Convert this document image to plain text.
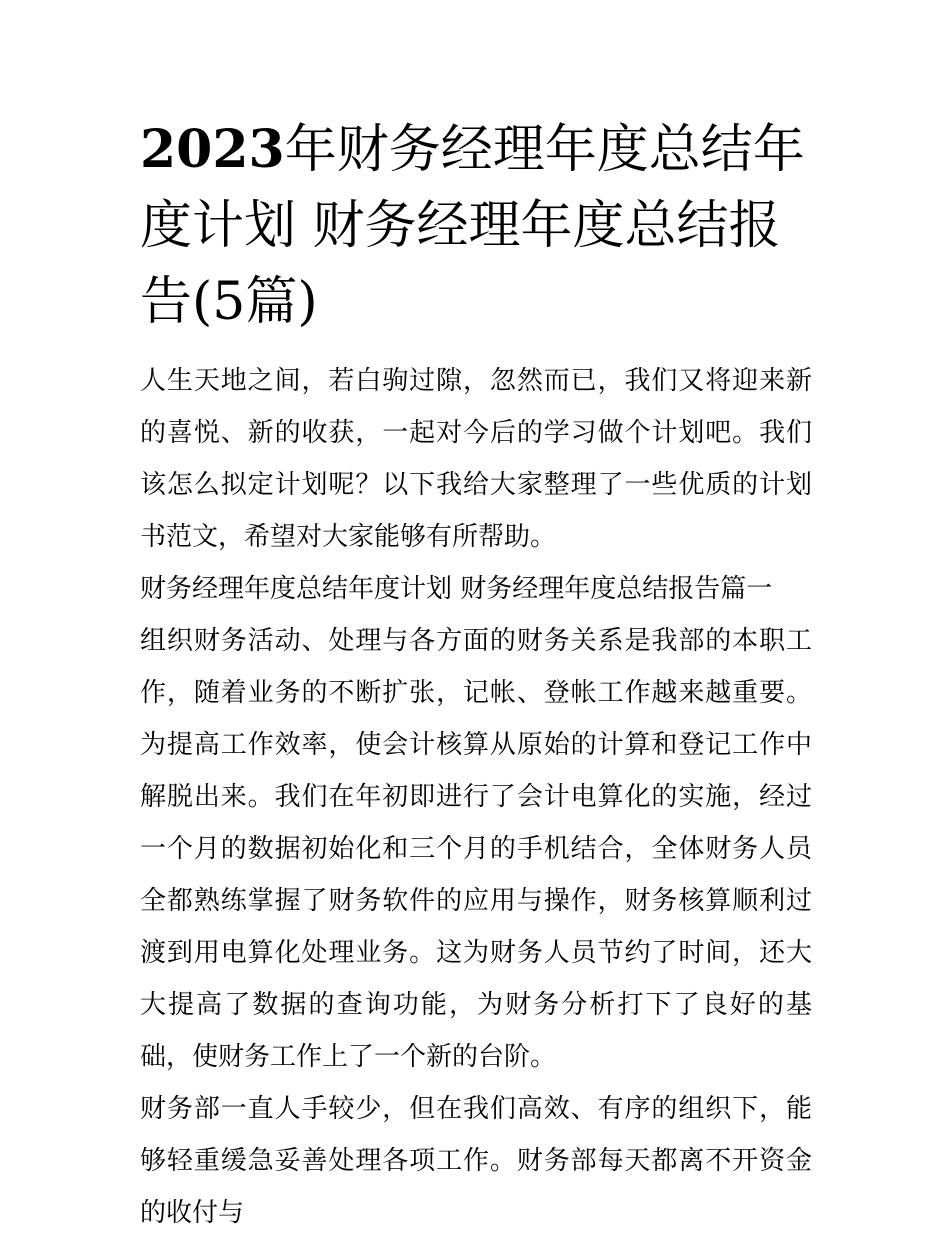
2023年财务经理年度总结年度计划 财务经理年度总结报告(5篇)

人生天地之间，若白驹过隙，忽然而已，我们又将迎来新的喜悦、新的收获，一起对今后的学习做个计划吧。我们该怎么拟定计划呢？以下我给大家整理了一些优质的计划书范文，希望对大家能够有所帮助。

财务经理年度总结年度计划 财务经理年度总结报告篇一

组织财务活动、处理与各方面的财务关系是我部的本职工作，随着业务的不断扩张，记帐、登帐工作越来越重要。为提高工作效率，使会计核算从原始的计算和登记工作中解脱出来。我们在年初即进行了会计电算化的实施，经过一个月的数据初始化和三个月的手机结合，全体财务人员全都熟练掌握了财务软件的应用与操作，财务核算顺利过渡到用电算化处理业务。这为财务人员节约了时间，还大大提高了数据的查询功能，为财务分析打下了良好的基础，使财务工作上了一个新的台阶。

财务部一直人手较少，但在我们高效、有序的组织下，能够轻重缓急妥善处理各项工作。财务部每天都离不开资金的收付与
